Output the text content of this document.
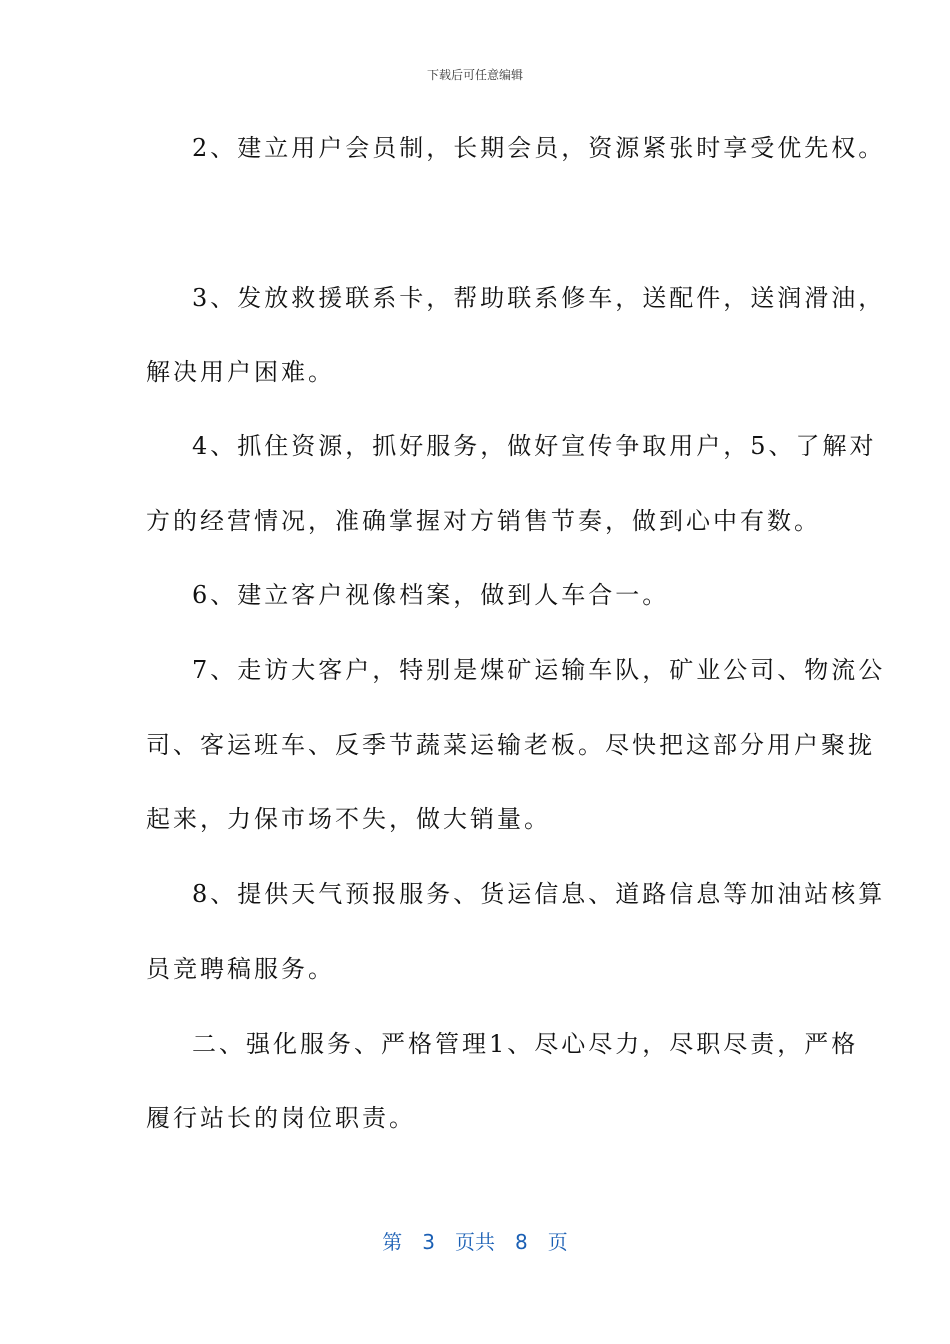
下载后可任意编辑
2、建立用户会员制，长期会员，资源紧张时享受优先权。
3、发放救援联系卡，帮助联系修车，送配件，送润滑油，
解决用户困难。
4、抓住资源，抓好服务，做好宣传争取用户，5、了解对
方的经营情况，准确掌握对方销售节奏，做到心中有数。
6、建立客户视像档案，做到人车合一。
7、走访大客户，特别是煤矿运输车队，矿业公司、物流公
司、客运班车、反季节蔬菜运输老板。尽快把这部分用户聚拢
起来，力保市场不失，做大销量。
8、提供天气预报服务、货运信息、道路信息等加油站核算
员竞聘稿服务。
二、强化服务、严格管理1、尽心尽力，尽职尽责，严格
履行站长的岗位职责。
第 3 页共 8 页
